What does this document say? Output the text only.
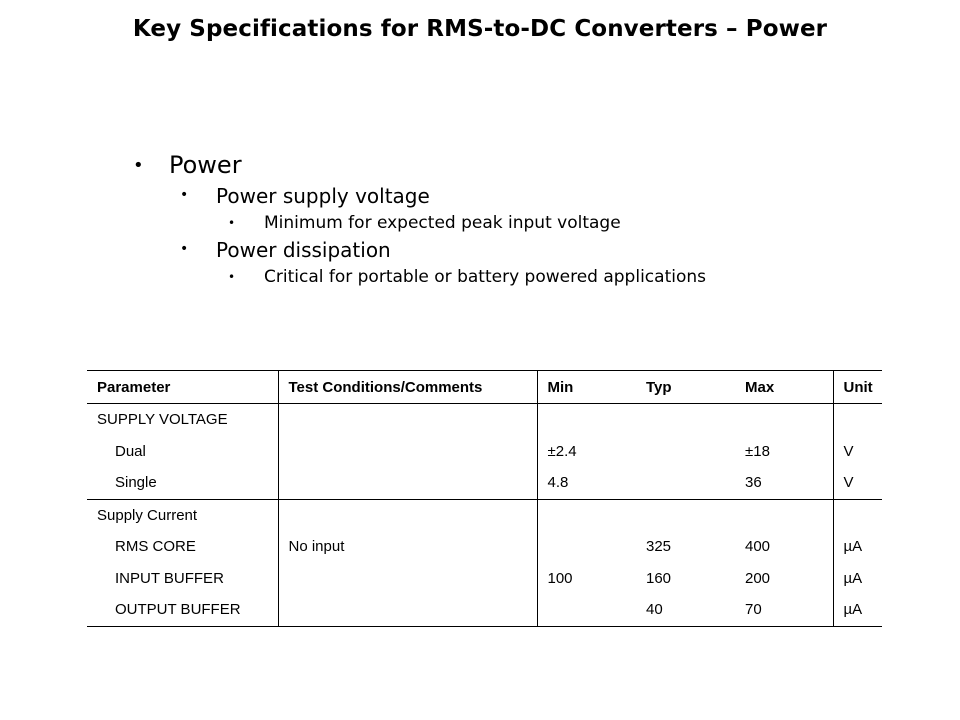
Key Specifications for RMS-to-DC Converters – Power
• Power
• Power supply voltage
• Minimum for expected peak input voltage
• Power dissipation
• Critical for portable or battery powered applications
Parameter	Test Conditions/Comments	Min	Typ	Max	Unit
SUPPLY VOLTAGE					
Dual		±2.4		±18	V
Single		4.8		36	V
Supply Current					
RMS CORE	No input		325	400	µA
INPUT BUFFER		100	160	200	µA
OUTPUT BUFFER			40	70	µA
